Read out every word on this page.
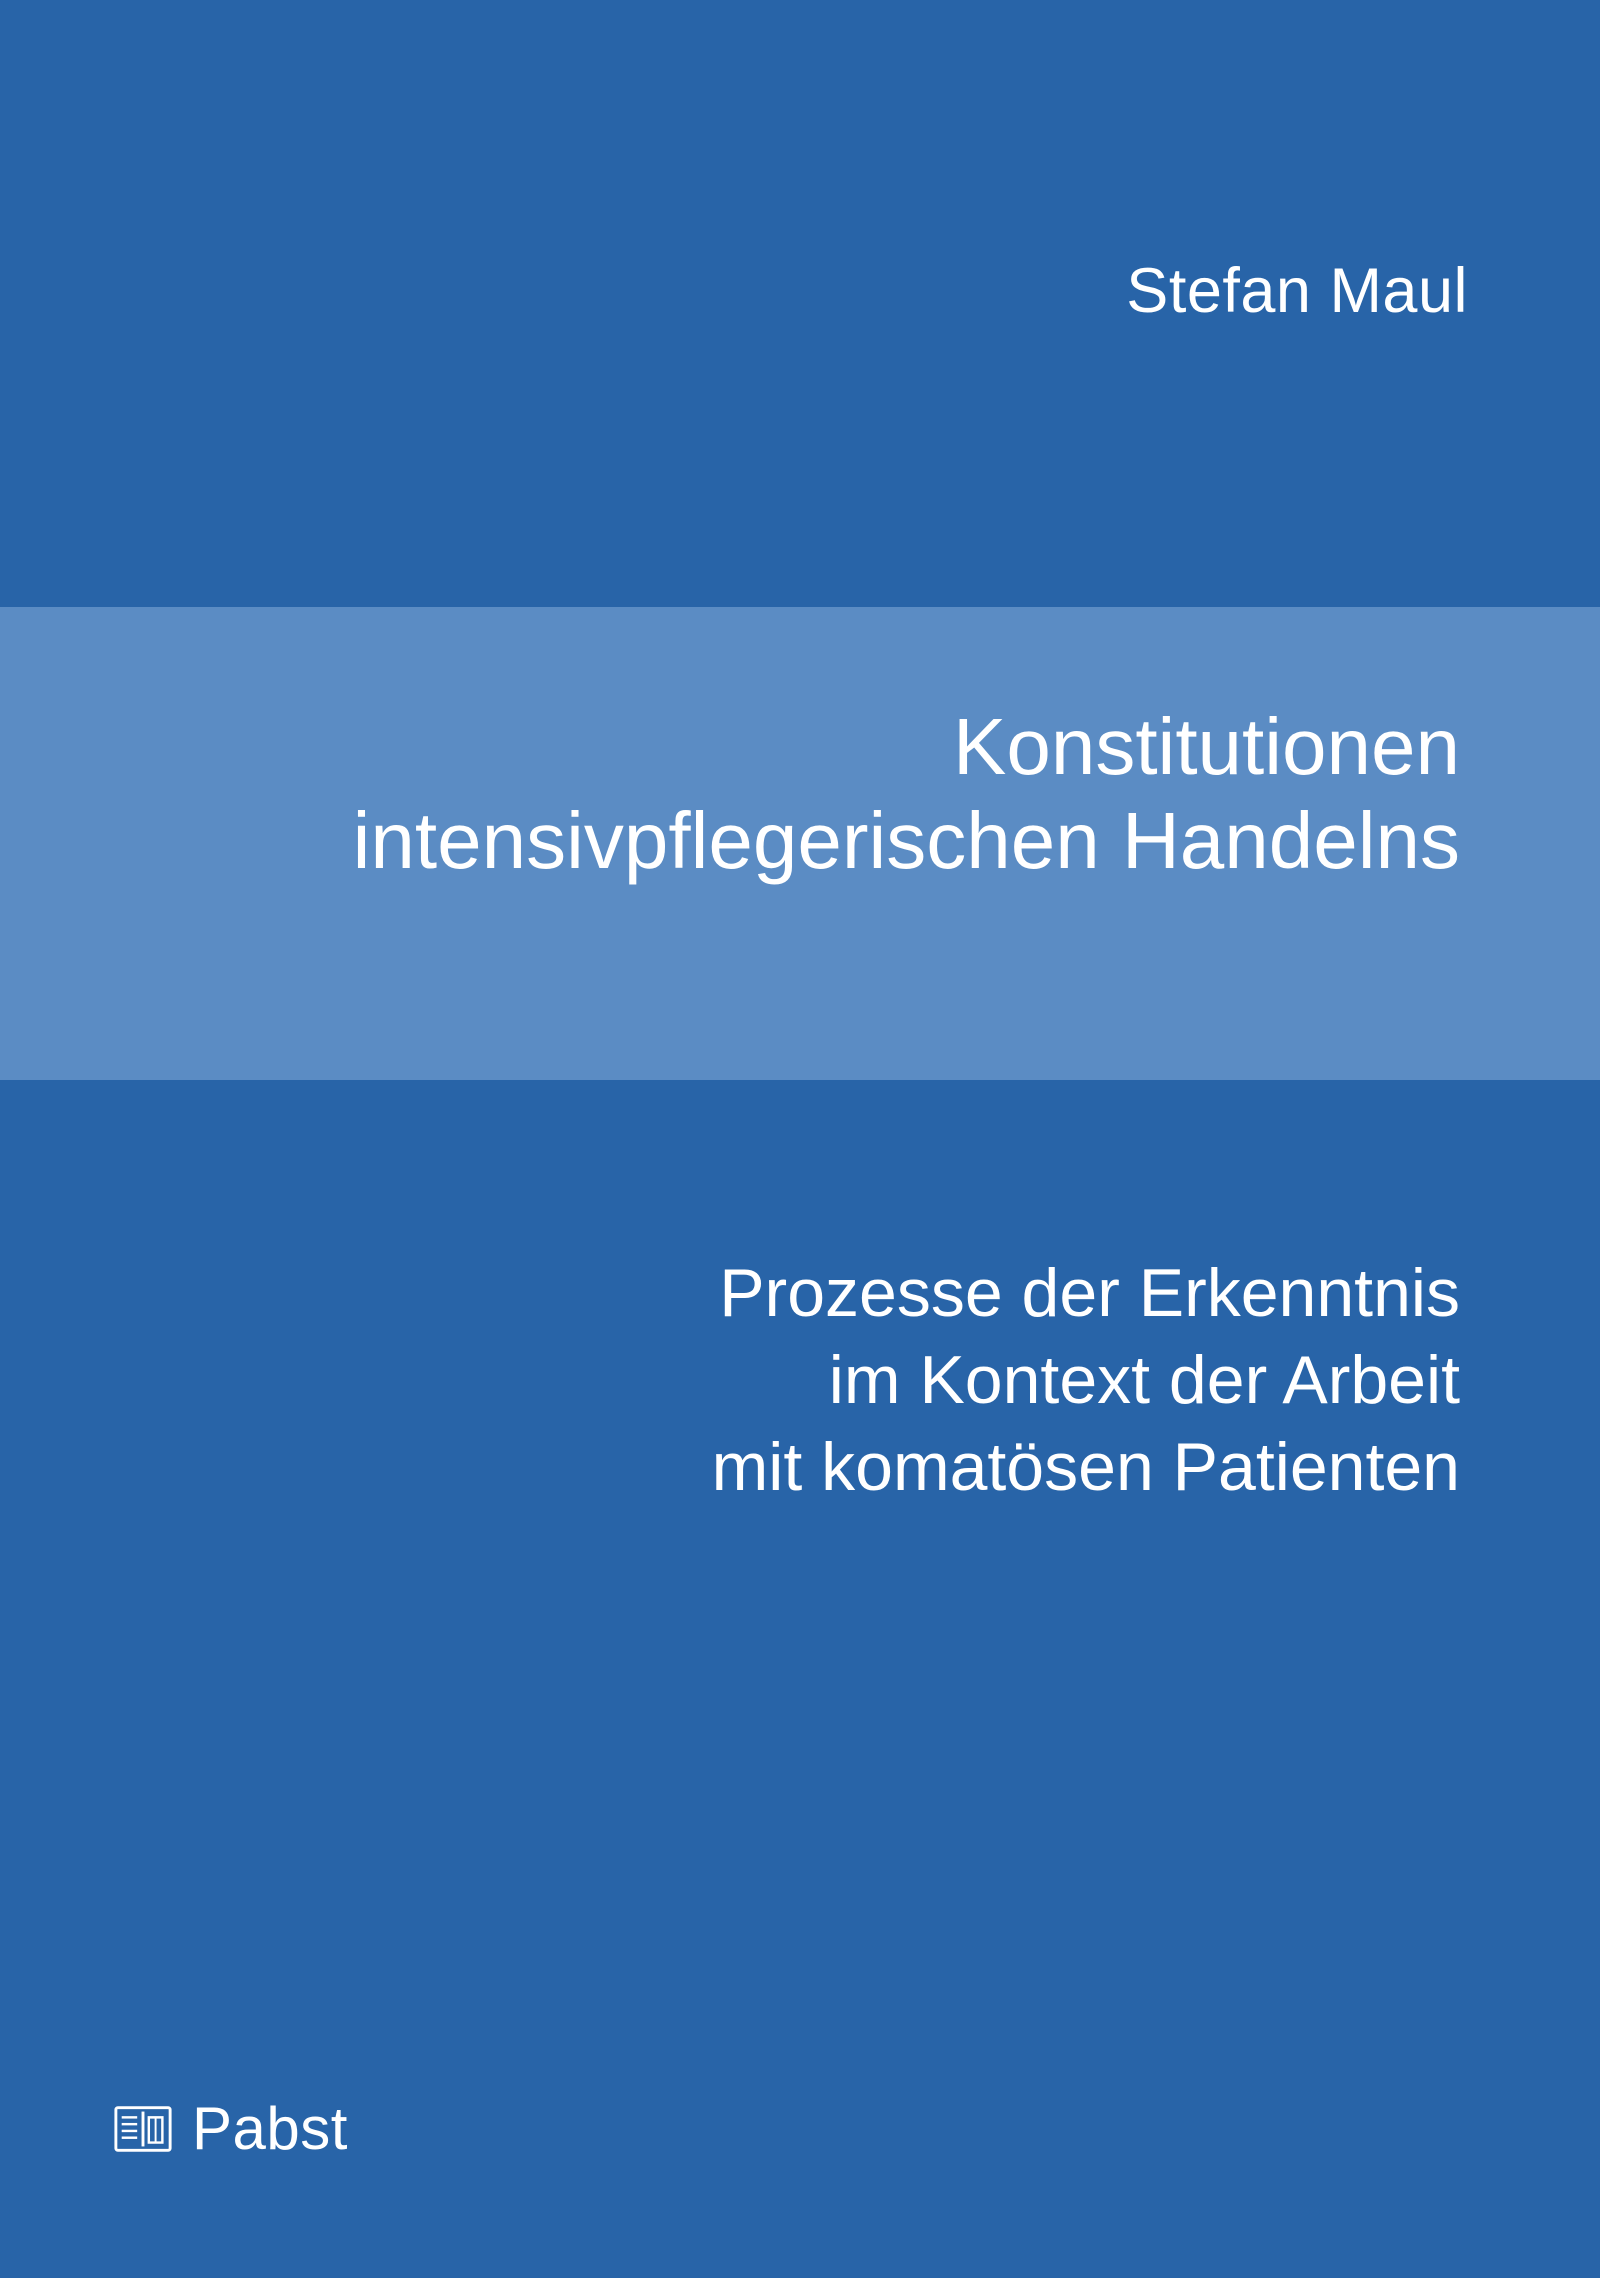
Stefan Maul
Konstitutionen
intensivpflegerischen Handelns
Prozesse der Erkenntnis
im Kontext der Arbeit
mit komatösen Patienten
Pabst
